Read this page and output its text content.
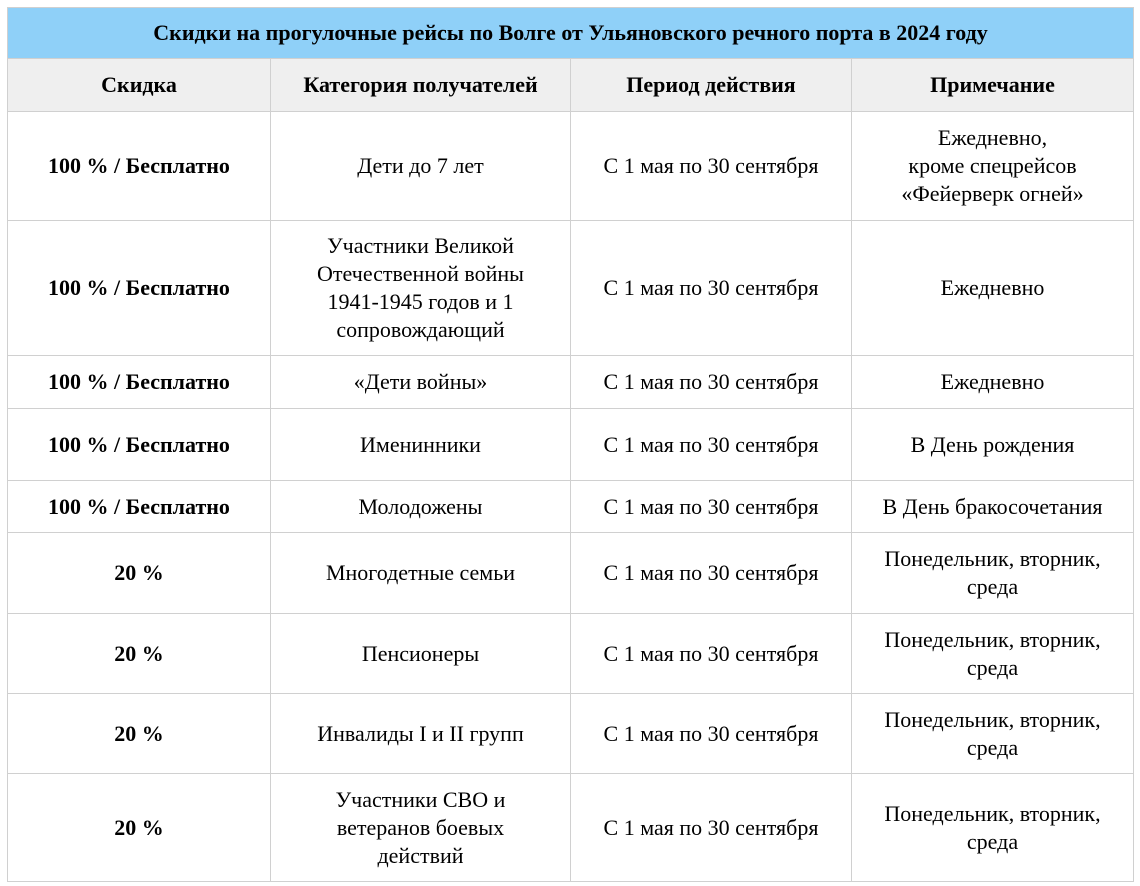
Скидки на прогулочные рейсы по Волге от Ульяновского речного порта в 2024 году			
Скидка	Категория получателей	Период действия	Примечание
100 % / Бесплатно	Дети до 7 лет	С 1 мая по 30 сентября	Ежедневно,
кроме спецрейсов
«Фейерверк огней»
100 % / Бесплатно	Участники Великой
Отечественной войны
1941-1945 годов и 1
сопровождающий	С 1 мая по 30 сентября	Ежедневно
100 % / Бесплатно	«Дети войны»	С 1 мая по 30 сентября	Ежедневно
100 % / Бесплатно	Именинники	С 1 мая по 30 сентября	В День рождения
100 % / Бесплатно	Молодожены	С 1 мая по 30 сентября	В День бракосочетания
20 %	Многодетные семьи	С 1 мая по 30 сентября	Понедельник, вторник,
среда
20 %	Пенсионеры	С 1 мая по 30 сентября	Понедельник, вторник,
среда
20 %	Инвалиды I и II групп	С 1 мая по 30 сентября	Понедельник, вторник,
среда
20 %	Участники СВО и
ветеранов боевых
действий	С 1 мая по 30 сентября	Понедельник, вторник,
среда
